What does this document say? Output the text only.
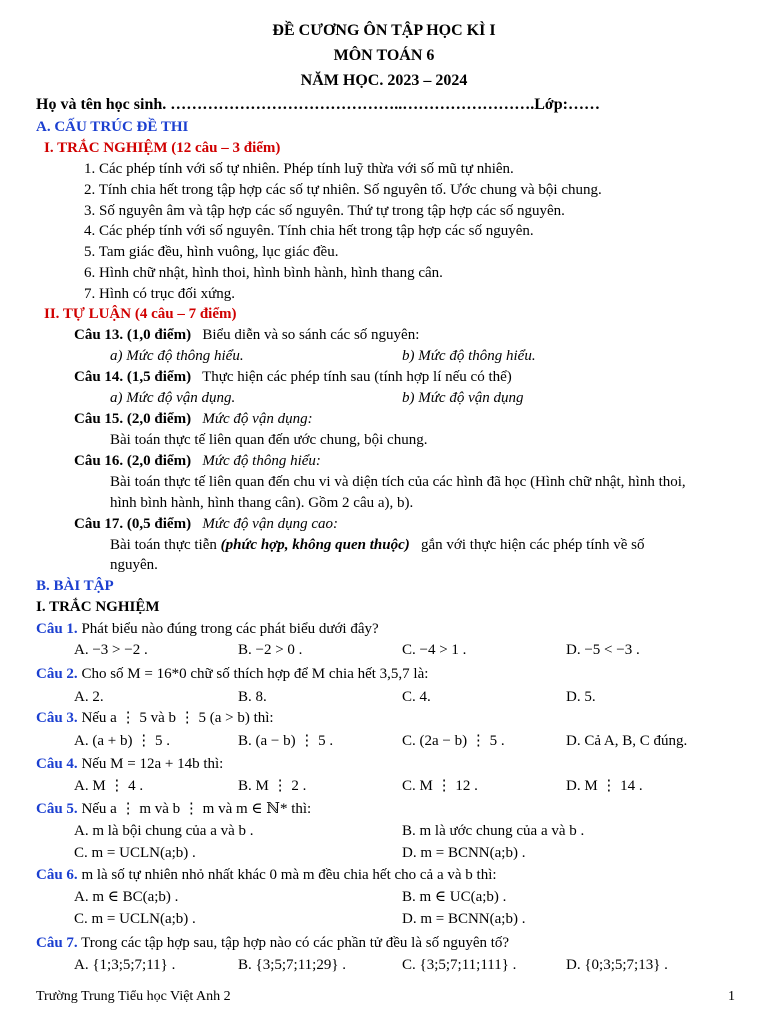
ĐỀ CƯƠNG ÔN TẬP HỌC KÌ I
MÔN TOÁN 6
NĂM HỌC. 2023 – 2024
Họ và tên học sinh. ……………………………………..…………………….Lớp:……
A. CẤU TRÚC ĐỀ THI
I. TRẮC NGHIỆM (12 câu – 3 điểm)
1. Các phép tính với số tự nhiên. Phép tính luỹ thừa với số mũ tự nhiên.
2. Tính chia hết trong tập hợp các số tự nhiên. Số nguyên tố. Ước chung và bội chung.
3. Số nguyên âm và tập hợp các số nguyên. Thứ tự trong tập hợp các số nguyên.
4. Các phép tính với số nguyên. Tính chia hết trong tập hợp các số nguyên.
5. Tam giác đều, hình vuông, lục giác đều.
6. Hình chữ nhật, hình thoi, hình bình hành, hình thang cân.
7. Hình có trục đối xứng.
II. TỰ LUẬN (4 câu – 7 điểm)
Câu 13. (1,0 điểm) Biểu diễn và so sánh các số nguyên:
a) Mức độ thông hiểu.	b) Mức độ thông hiểu.
Câu 14. (1,5 điểm) Thực hiện các phép tính sau (tính hợp lí nếu có thể)
a) Mức độ vận dụng.	b) Mức độ vận dụng
Câu 15. (2,0 điểm) Mức độ vận dụng:
Bài toán thực tế liên quan đến ước chung, bội chung.
Câu 16. (2,0 điểm) Mức độ thông hiểu:
Bài toán thực tế liên quan đến chu vi và diện tích của các hình đã học (Hình chữ nhật, hình thoi,
hình bình hành, hình thang cân). Gồm 2 câu a), b).
Câu 17. (0,5 điểm) Mức độ vận dụng cao:
Bài toán thực tiễn (phức hợp, không quen thuộc) gắn với thực hiện các phép tính về số
nguyên.
B. BÀI TẬP
I. TRẮC NGHIỆM
Câu 1. Phát biểu nào đúng trong các phát biểu dưới đây?
A. −3 > −2 .	B. −2 > 0 .	C. −4 > 1 .	D. −5 < −3 .
Câu 2. Cho số M = 16*0 chữ số thích hợp để M chia hết 3,5,7 là:
A. 2.	B. 8.	C. 4.	D. 5.
Câu 3. Nếu a ⋮ 5 và b ⋮ 5 (a > b) thì:
A. (a + b) ⋮ 5 .	B. (a − b) ⋮ 5 .	C. (2a − b) ⋮ 5 .	D. Cả A, B, C đúng.
Câu 4. Nếu M = 12a + 14b thì:
A. M ⋮ 4 .	B. M ⋮ 2 .	C. M ⋮ 12 .	D. M ⋮ 14 .
Câu 5. Nếu a ⋮ m và b ⋮ m và m ∈ ℕ* thì:
A. m là bội chung của a và b .	B. m là ước chung của a và b .
C. m = UCLN(a;b) .	D. m = BCNN(a;b) .
Câu 6. m là số tự nhiên nhỏ nhất khác 0 mà m đều chia hết cho cả a và b thì:
A. m ∈ BC(a;b) .	B. m ∈ UC(a;b) .
C. m = UCLN(a;b) .	D. m = BCNN(a;b) .
Câu 7. Trong các tập hợp sau, tập hợp nào có các phần tử đều là số nguyên tố?
A. {1;3;5;7;11} .	B. {3;5;7;11;29} .	C. {3;5;7;11;111} .	D. {0;3;5;7;13} .
Trường Trung Tiểu học Việt Anh 2	1
